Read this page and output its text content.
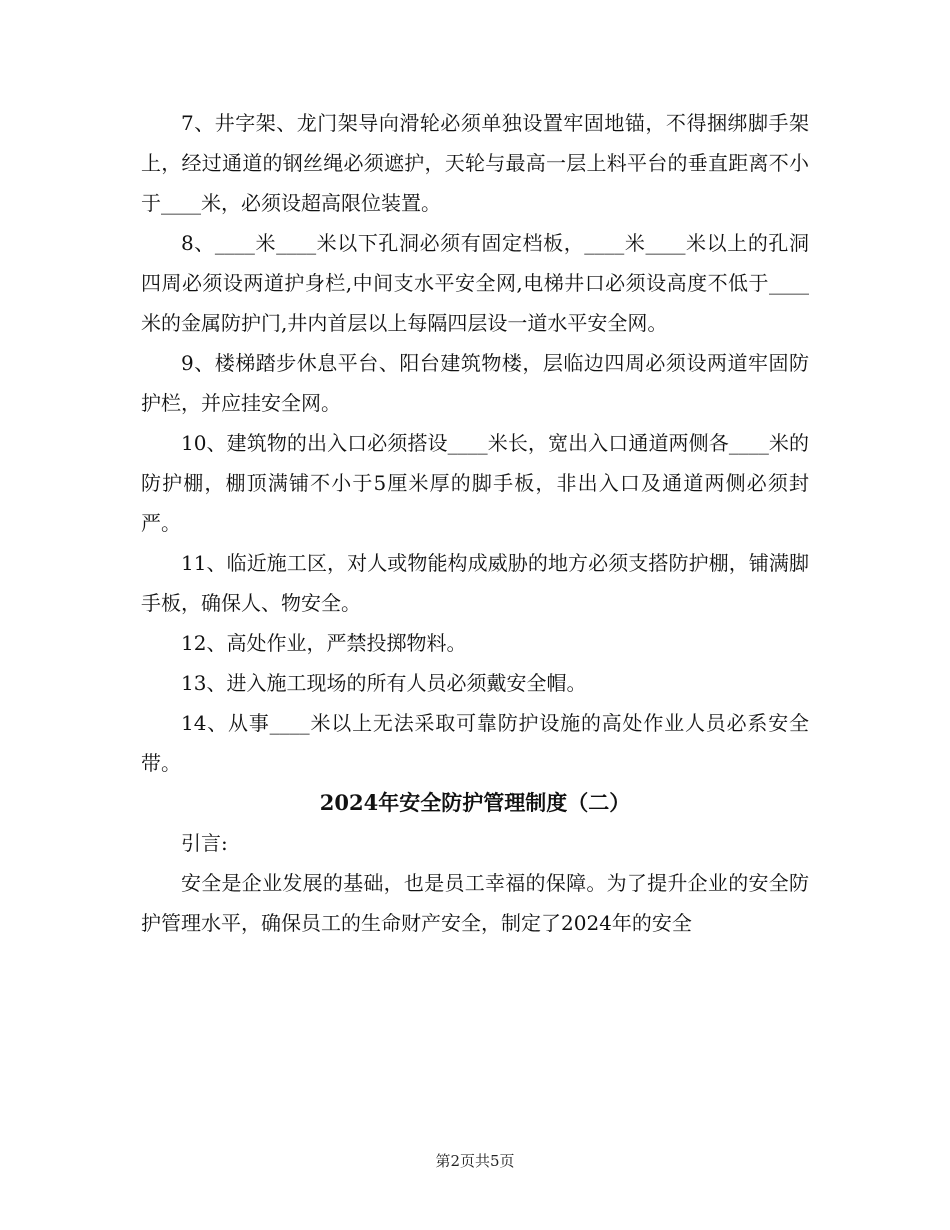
7、井字架、龙门架导向滑轮必须单独设置牢固地锚，不得捆绑脚手架上，经过通道的钢丝绳必须遮护，天轮与最高一层上料平台的垂直距离不小于____米，必须设超高限位装置。

8、____米____米以下孔洞必须有固定档板，____米____米以上的孔洞四周必须设两道护身栏,中间支水平安全网,电梯井口必须设高度不低于____米的金属防护门,井内首层以上每隔四层设一道水平安全网。

9、楼梯踏步休息平台、阳台建筑物楼，层临边四周必须设两道牢固防护栏，并应挂安全网。

10、建筑物的出入口必须搭设____米长，宽出入口通道两侧各____米的防护棚，棚顶满铺不小于5厘米厚的脚手板，非出入口及通道两侧必须封严。

11、临近施工区，对人或物能构成威胁的地方必须支搭防护棚，铺满脚手板，确保人、物安全。

12、高处作业，严禁投掷物料。

13、进入施工现场的所有人员必须戴安全帽。

14、从事____米以上无法采取可靠防护设施的高处作业人员必系安全带。

2024年安全防护管理制度（二）

引言:

安全是企业发展的基础，也是员工幸福的保障。为了提升企业的安全防护管理水平，确保员工的生命财产安全，制定了2024年的安全

第2页共5页
